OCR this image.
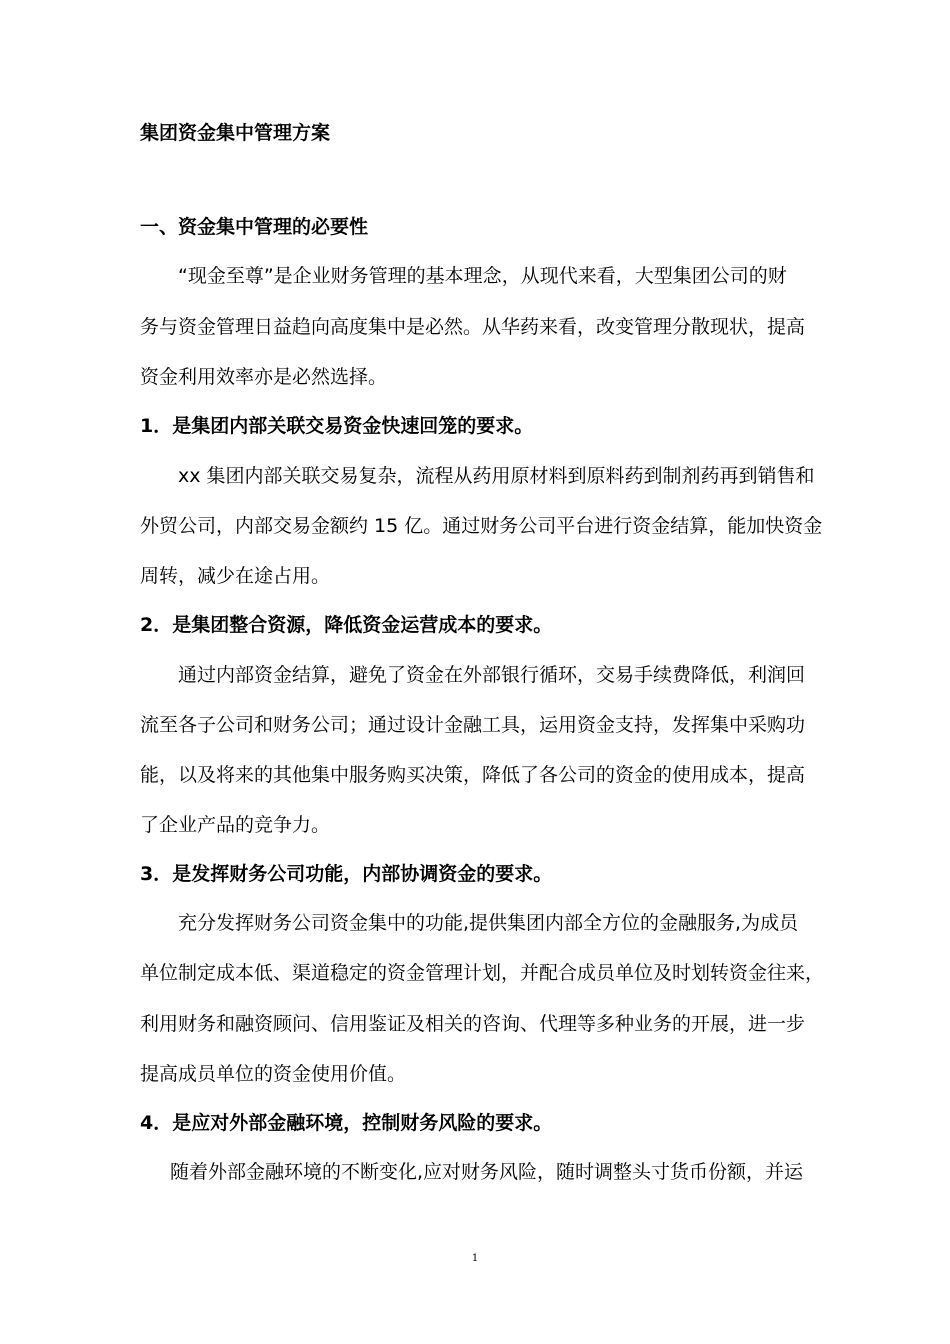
集团资金集中管理方案
一、资金集中管理的必要性
“现金至尊”是企业财务管理的基本理念，从现代来看，大型集团公司的财
务与资金管理日益趋向高度集中是必然。从华药来看，改变管理分散现状，提高
资金利用效率亦是必然选择。
1．是集团内部关联交易资金快速回笼的要求。
xx 集团内部关联交易复杂，流程从药用原材料到原料药到制剂药再到销售和
外贸公司，内部交易金额约 15 亿。通过财务公司平台进行资金结算，能加快资金
周转，减少在途占用。
2．是集团整合资源，降低资金运营成本的要求。
通过内部资金结算，避免了资金在外部银行循环，交易手续费降低，利润回
流至各子公司和财务公司；通过设计金融工具，运用资金支持，发挥集中采购功
能，以及将来的其他集中服务购买决策，降低了各公司的资金的使用成本，提高
了企业产品的竞争力。
3．是发挥财务公司功能，内部协调资金的要求。
充分发挥财务公司资金集中的功能,提供集团内部全方位的金融服务,为成员
单位制定成本低、渠道稳定的资金管理计划，并配合成员单位及时划转资金往来，
利用财务和融资顾问、信用鉴证及相关的咨询、代理等多种业务的开展，进一步
提高成员单位的资金使用价值。
4．是应对外部金融环境，控制财务风险的要求。
随着外部金融环境的不断变化,应对财务风险，随时调整头寸货币份额，并运
1
